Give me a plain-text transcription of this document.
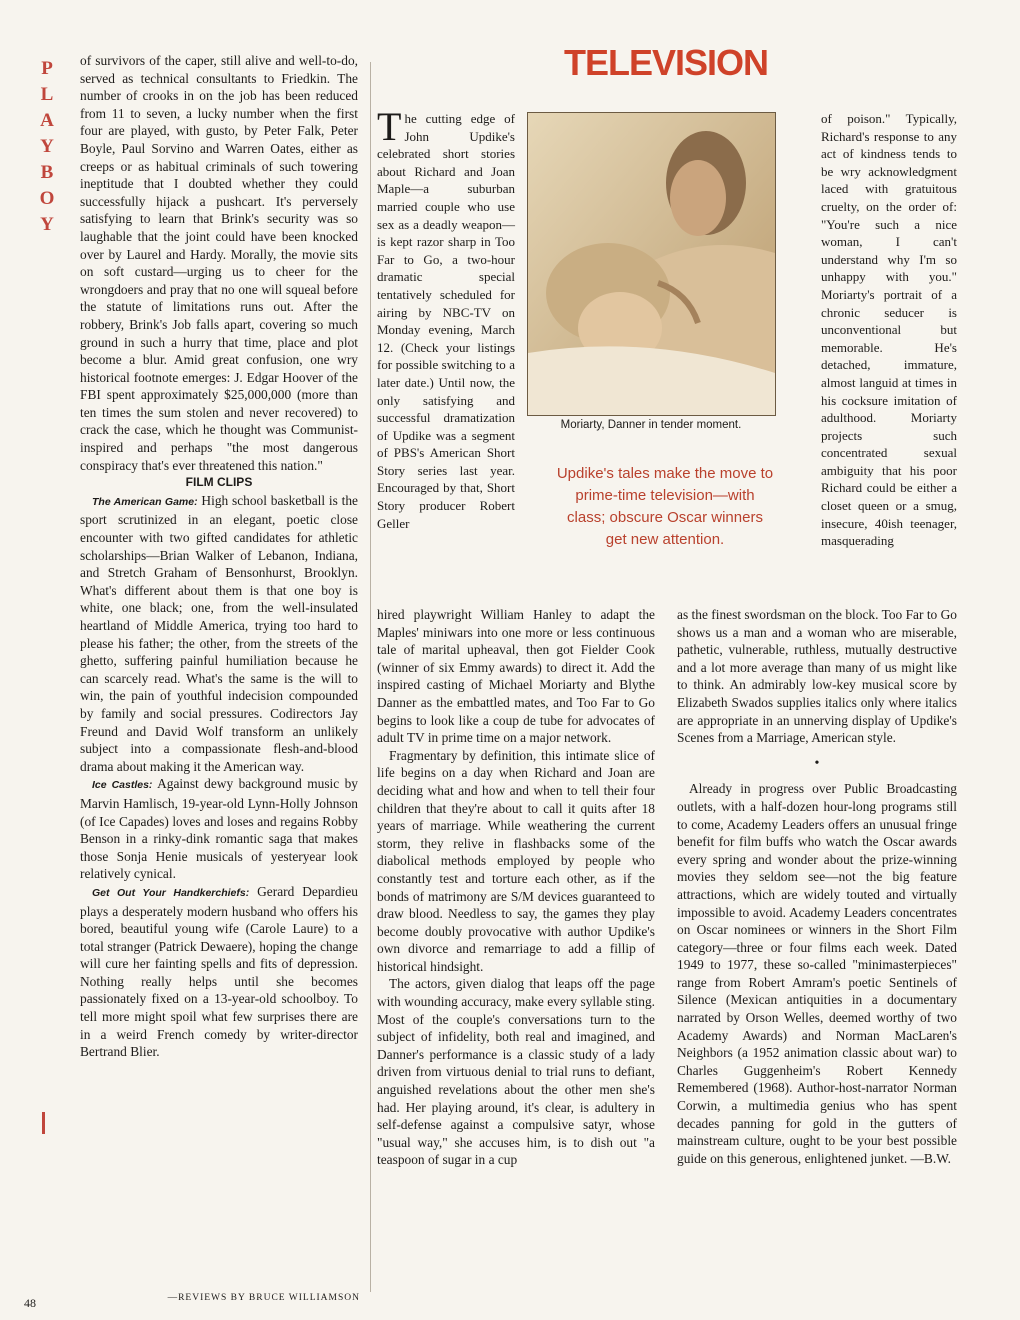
P
L
A
Y
B
O
Y
TELEVISION

of survivors of the caper, still alive and well-to-do, served as technical consultants to Friedkin. The number of crooks in on the job has been reduced from 11 to seven, a lucky number when the first four are played, with gusto, by Peter Falk, Peter Boyle, Paul Sorvino and Warren Oates, either as creeps or as habitual criminals of such towering ineptitude that I doubted whether they could successfully hijack a pushcart. It's perversely satisfying to learn that Brink's security was so laughable that the joint could have been knocked over by Laurel and Hardy. Morally, the movie sits on soft custard—urging us to cheer for the wrongdoers and pray that no one will squeal before the statute of limitations runs out. After the robbery, Brink's Job falls apart, covering so much ground in such a hurry that time, place and plot become a blur. Amid great confusion, one wry historical footnote emerges: J. Edgar Hoover of the FBI spent approximately $25,000,000 (more than ten times the sum stolen and never recovered) to crack the case, which he thought was Communist-inspired and perhaps "the most dangerous conspiracy that's ever threatened this nation."

FILM CLIPS

The American Game: High school basketball is the sport scrutinized in an elegant, poetic close encounter with two gifted candidates for athletic scholarships—Brian Walker of Lebanon, Indiana, and Stretch Graham of Bensonhurst, Brooklyn. What's different about them is that one boy is white, one black; one, from the well-insulated heartland of Middle America, trying too hard to please his father; the other, from the streets of the ghetto, suffering painful humiliation because he can scarcely read. What's the same is the will to win, the pain of youthful indecision compounded by family and social pressures. Codirectors Jay Freund and David Wolf transform an unlikely subject into a compassionate flesh-and-blood drama about making it the American way.

Ice Castles: Against dewy background music by Marvin Hamlisch, 19-year-old Lynn-Holly Johnson (of Ice Capades) loves and loses and regains Robby Benson in a rinky-dink romantic saga that makes those Sonja Henie musicals of yesteryear look relatively cynical.

Get Out Your Handkerchiefs: Gerard Depardieu plays a desperately modern husband who offers his bored, beautiful young wife (Carole Laure) to a total stranger (Patrick Dewaere), hoping the change will cure her fainting spells and fits of depression. Nothing really helps until she becomes passionately fixed on a 13-year-old schoolboy. To tell more might spoil what few surprises there are in a weird French comedy by writer-director Bertrand Blier.

—REVIEWS BY BRUCE WILLIAMSON
48
Moriarty, Danner in tender moment.
Updike's tales make the move to prime-time television—with class; obscure Oscar winners get new attention.

The cutting edge of John Updike's celebrated short stories about Richard and Joan Maple—a suburban married couple who use sex as a deadly weapon—is kept razor sharp in Too Far to Go, a two-hour dramatic special tentatively scheduled for airing by NBC-TV on Monday evening, March 12. (Check your listings for possible switching to a later date.) Until now, the only satisfying and successful dramatization of Updike was a segment of PBS's American Short Story series last year. Encouraged by that, Short Story producer Robert Geller

hired playwright William Hanley to adapt the Maples' miniwars into one more or less continuous tale of marital upheaval, then got Fielder Cook (winner of six Emmy awards) to direct it. Add the inspired casting of Michael Moriarty and Blythe Danner as the embattled mates, and Too Far to Go begins to look like a coup de tube for advocates of adult TV in prime time on a major network.

Fragmentary by definition, this intimate slice of life begins on a day when Richard and Joan are deciding what and how and when to tell their four children that they're about to call it quits after 18 years of marriage. While weathering the current storm, they relive in flashbacks some of the diabolical methods employed by people who constantly test and torture each other, as if the bonds of matrimony are S/M devices guaranteed to draw blood. Needless to say, the games they play become doubly provocative with author Updike's own divorce and remarriage to add a fillip of historical hindsight.

The actors, given dialog that leaps off the page with wounding accuracy, make every syllable sting. Most of the couple's conversations turn to the subject of infidelity, both real and imagined, and Danner's performance is a classic study of a lady driven from virtuous denial to trial runs to defiant, anguished revelations about the other men she's had. Her playing around, it's clear, is adultery in self-defense against a compulsive satyr, whose "usual way," she accuses him, is to dish out "a teaspoon of sugar in a cup

of poison." Typically, Richard's response to any act of kindness tends to be wry acknowledgment laced with gratuitous cruelty, on the order of: "You're such a nice woman, I can't understand why I'm so unhappy with you." Moriarty's portrait of a chronic seducer is unconventional but memorable. He's detached, immature, almost languid at times in his cocksure imitation of adulthood. Moriarty projects such concentrated sexual ambiguity that his poor Richard could be either a closet queen or a smug, insecure, 40ish teenager, masquerading

as the finest swordsman on the block. Too Far to Go shows us a man and a woman who are miserable, pathetic, vulnerable, ruthless, mutually destructive and a lot more average than many of us might like to think. An admirably low-key musical score by Elizabeth Swados supplies italics only where italics are appropriate in an unnerving display of Updike's Scenes from a Marriage, American style.

•

Already in progress over Public Broadcasting outlets, with a half-dozen hour-long programs still to come, Academy Leaders offers an unusual fringe benefit for film buffs who watch the Oscar awards every spring and wonder about the prize-winning movies they seldom see—not the big feature attractions, which are widely touted and virtually impossible to avoid. Academy Leaders concentrates on Oscar nominees or winners in the Short Film category—three or four films each week. Dated 1949 to 1977, these so-called "minimasterpieces" range from Robert Amram's poetic Sentinels of Silence (Mexican antiquities in a documentary narrated by Orson Welles, deemed worthy of two Academy Awards) and Norman MacLaren's Neighbors (a 1952 animation classic about war) to Charles Guggenheim's Robert Kennedy Remembered (1968). Author-host-narrator Norman Corwin, a multimedia genius who has spent decades panning for gold in the gutters of mainstream culture, ought to be your best possible guide on this generous, enlightened junket. —B.W.
